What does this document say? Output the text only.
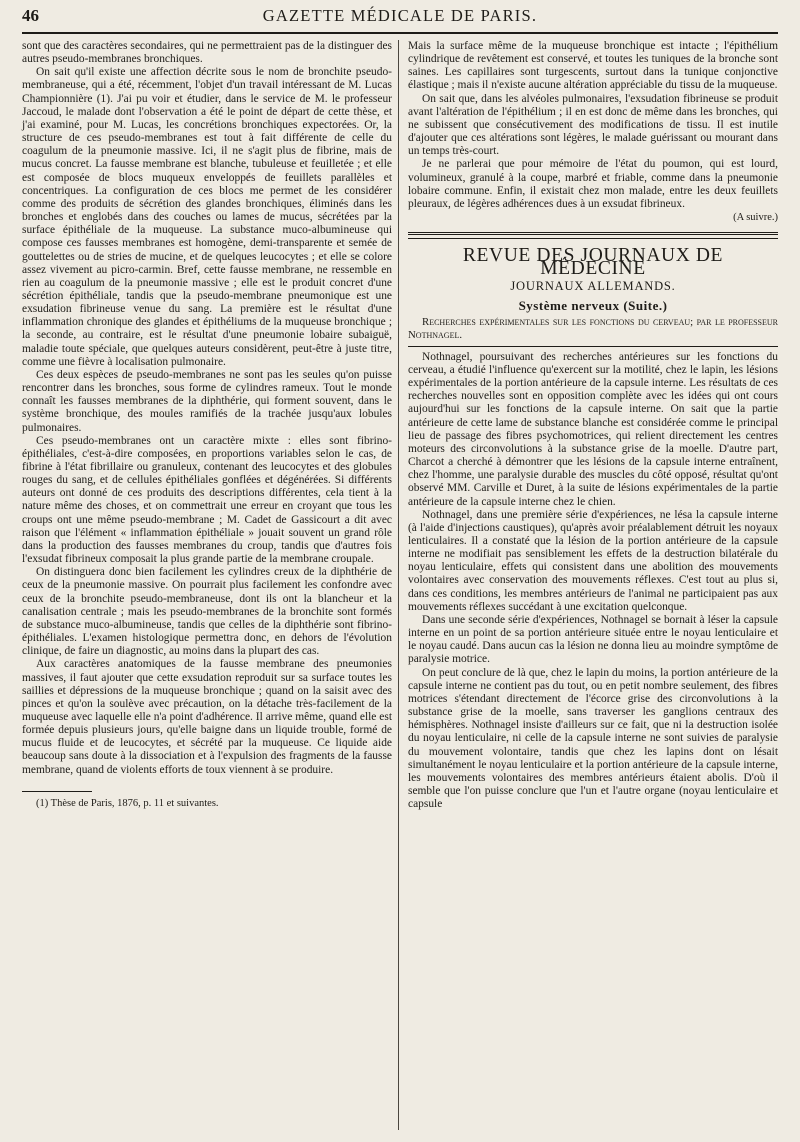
46	GAZETTE MÉDICALE DE PARIS.

sont que des caractères secondaires, qui ne permettraient pas de la distinguer des autres pseudo-membranes bronchiques.

On sait qu'il existe une affection décrite sous le nom de bronchite pseudo-membraneuse, qui a été, récemment, l'objet d'un travail intéressant de M. Lucas Championnière (1). J'ai pu voir et étudier, dans le service de M. le professeur Jaccoud, le malade dont l'observation a été le point de départ de cette thèse, et j'ai examiné, pour M. Lucas, les concrétions bronchiques expectorées. Or, la structure de ces pseudo-membranes est tout à fait différente de celle du coagulum de la pneumonie massive. Ici, il ne s'agit plus de fibrine, mais de mucus concret. La fausse membrane est blanche, tubuleuse et feuilletée ; et elle est composée de blocs muqueux enveloppés de feuillets parallèles et concentriques. La configuration de ces blocs me permet de les considérer comme des produits de sécrétion des glandes bronchiques, éliminés dans les bronches et englobés dans des couches ou lames de mucus, sécrétées par la surface épithéliale de la muqueuse. La substance muco-albumineuse qui compose ces fausses membranes est homogène, demi-transparente et semée de gouttelettes ou de stries de mucine, et de quelques leucocytes ; et elle se colore assez vivement au picro-carmin. Bref, cette fausse membrane, ne ressemble en rien au coagulum de la pneumonie massive ; elle est le produit concret d'une sécrétion épithéliale, tandis que la pseudo-membrane pneumonique est une exsudation fibrineuse venue du sang. La première est le résultat d'une inflammation chronique des glandes et épithéliums de la muqueuse bronchique ; la seconde, au contraire, est le résultat d'une pneumonie lobaire subaiguë, maladie toute spéciale, que quelques auteurs considèrent, peut-être à juste titre, comme une fièvre à localisation pulmonaire.

Ces deux espèces de pseudo-membranes ne sont pas les seules qu'on puisse rencontrer dans les bronches, sous forme de cylindres rameux. Tout le monde connaît les fausses membranes de la diphthérie, qui forment souvent, dans le système bronchique, des moules ramifiés de la trachée jusqu'aux lobules pulmonaires.

Ces pseudo-membranes ont un caractère mixte : elles sont fibrino-épithéliales, c'est-à-dire composées, en proportions variables selon le cas, de fibrine à l'état fibrillaire ou granuleux, contenant des leucocytes et des globules rouges du sang, et de cellules épithéliales gonflées et dégénérées. Si différents auteurs ont donné de ces produits des descriptions différentes, cela tient à la nature même des choses, et on commettrait une erreur en croyant que tous les croups ont une même pseudo-membrane ; M. Cadet de Gassicourt a dit avec raison que l'élément « inflammation épithéliale » jouait souvent un grand rôle dans la production des fausses membranes du croup, tandis que d'autres fois l'exsudat fibrineux composait la plus grande partie de la membrane croupale.

On distinguera donc bien facilement les cylindres creux de la diphthérie de ceux de la pneumonie massive. On pourrait plus facilement les confondre avec ceux de la bronchite pseudo-membraneuse, dont ils ont la blancheur et la canalisation centrale ; mais les pseudo-membranes de la bronchite sont formés de substance muco-albumineuse, tandis que celles de la diphthérie sont fibrino-épithéliales. L'examen histologique permettra donc, en dehors de l'évolution clinique, de faire un diagnostic, au moins dans la plupart des cas.

Aux caractères anatomiques de la fausse membrane des pneumonies massives, il faut ajouter que cette exsudation reproduit sur sa surface toutes les saillies et dépressions de la muqueuse bronchique ; quand on la saisit avec des pinces et qu'on la soulève avec précaution, on la détache très-facilement de la muqueuse avec laquelle elle n'a point d'adhérence. Il arrive même, quand elle est formée depuis plusieurs jours, qu'elle baigne dans un liquide trouble, formé de mucus fluide et de leucocytes, et sécrété par la muqueuse. Ce liquide aide beaucoup sans doute à la dissociation et à l'expulsion des fragments de la fausse membrane, quand de violents efforts de toux viennent à se produire.

(1) Thèse de Paris, 1876, p. 11 et suivantes.

Mais la surface même de la muqueuse bronchique est intacte ; l'épithélium cylindrique de revêtement est conservé, et toutes les tuniques de la bronche sont saines. Les capillaires sont turgescents, surtout dans la tunique conjonctive élastique ; mais il n'existe aucune altération appréciable du tissu de la muqueuse.

On sait que, dans les alvéoles pulmonaires, l'exsudation fibrineuse se produit avant l'altération de l'épithélium ; il en est donc de même dans les bronches, qui ne subissent que consécutivement des modifications de tissu. Il est inutile d'ajouter que ces altérations sont légères, le malade guérissant ou mourant dans un temps très-court.

Je ne parlerai que pour mémoire de l'état du poumon, qui est lourd, volumineux, granulé à la coupe, marbré et friable, comme dans la pneumonie lobaire commune. Enfin, il existait chez mon malade, entre les deux feuillets pleuraux, de légères adhérences dues à un exsudat fibrineux.

(A suivre.)

REVUE DES JOURNAUX DE MÉDECINE
JOURNAUX ALLEMANDS.
Système nerveux (Suite.)

Recherches expérimentales sur les fonctions du cerveau; par le professeur Nothnagel.

Nothnagel, poursuivant des recherches antérieures sur les fonctions du cerveau, a étudié l'influence qu'exercent sur la motilité, chez le lapin, les lésions expérimentales de la portion antérieure de la capsule interne. Les résultats de ces recherches nouvelles sont en opposition complète avec les idées qui ont cours aujourd'hui sur les fonctions de la capsule interne. On sait que la partie antérieure de cette lame de substance blanche est considérée comme le principal lieu de passage des fibres psychomotrices, qui relient directement les centres moteurs des circonvolutions à la substance grise de la moelle. D'autre part, Charcot a cherché à démontrer que les lésions de la capsule interne entraînent, chez l'homme, une paralysie durable des muscles du côté opposé, résultat qu'ont observé MM. Carville et Duret, à la suite de lésions expérimentales de la partie antérieure de la capsule interne chez le chien.

Nothnagel, dans une première série d'expériences, ne lésa la capsule interne (à l'aide d'injections caustiques), qu'après avoir préalablement détruit les noyaux lenticulaires. Il a constaté que la lésion de la portion antérieure de la capsule interne ne modifiait pas sensiblement les effets de la destruction bilatérale du noyau lenticulaire, effets qui consistent dans une abolition des mouvements volontaires avec conservation des mouvements réflexes. C'est tout au plus si, dans ces conditions, les membres antérieurs de l'animal ne participaient pas aux mouvements réflexes succédant à une excitation quelconque.

Dans une seconde série d'expériences, Nothnagel se bornait à léser la capsule interne en un point de sa portion antérieure située entre le noyau lenticulaire et le noyau caudé. Dans aucun cas la lésion ne donna lieu au moindre symptôme de paralysie motrice.

On peut conclure de là que, chez le lapin du moins, la portion antérieure de la capsule interne ne contient pas du tout, ou en petit nombre seulement, des fibres motrices s'étendant directement de l'écorce grise des circonvolutions à la substance grise de la moelle, sans traverser les ganglions centraux des hémisphères. Nothnagel insiste d'ailleurs sur ce fait, que ni la destruction isolée du noyau lenticulaire, ni celle de la capsule interne ne sont suivies de paralysie du mouvement volontaire, tandis que chez les lapins dont on lésait simultanément le noyau lenticulaire et la portion antérieure de la capsule interne, les mouvements volontaires des membres antérieurs étaient abolis. D'où il semble que l'on puisse conclure que l'un et l'autre organe (noyau lenticulaire et capsule
